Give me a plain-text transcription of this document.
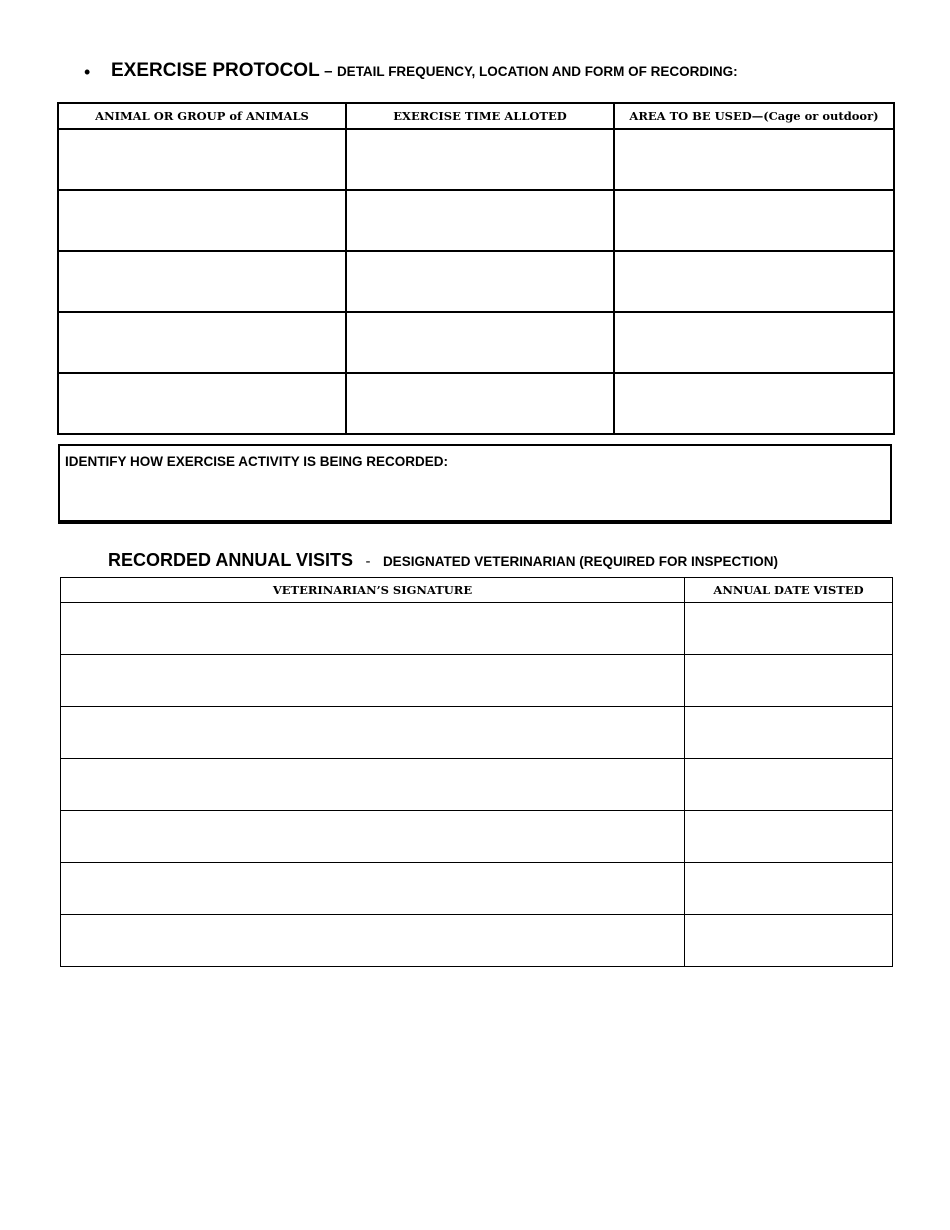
• EXERCISE PROTOCOL – DETAIL FREQUENCY, LOCATION AND FORM OF RECORDING:
ANIMAL OR GROUP of ANIMALS	EXERCISE TIME ALLOTED	AREA TO BE USED—(Cage or outdoor)

IDENTIFY HOW EXERCISE ACTIVITY IS BEING RECORDED:
RECORDED ANNUAL VISITS - DESIGNATED VETERINARIAN (REQUIRED FOR INSPECTION)
VETERINARIAN’S SIGNATURE	ANNUAL DATE VISTED
